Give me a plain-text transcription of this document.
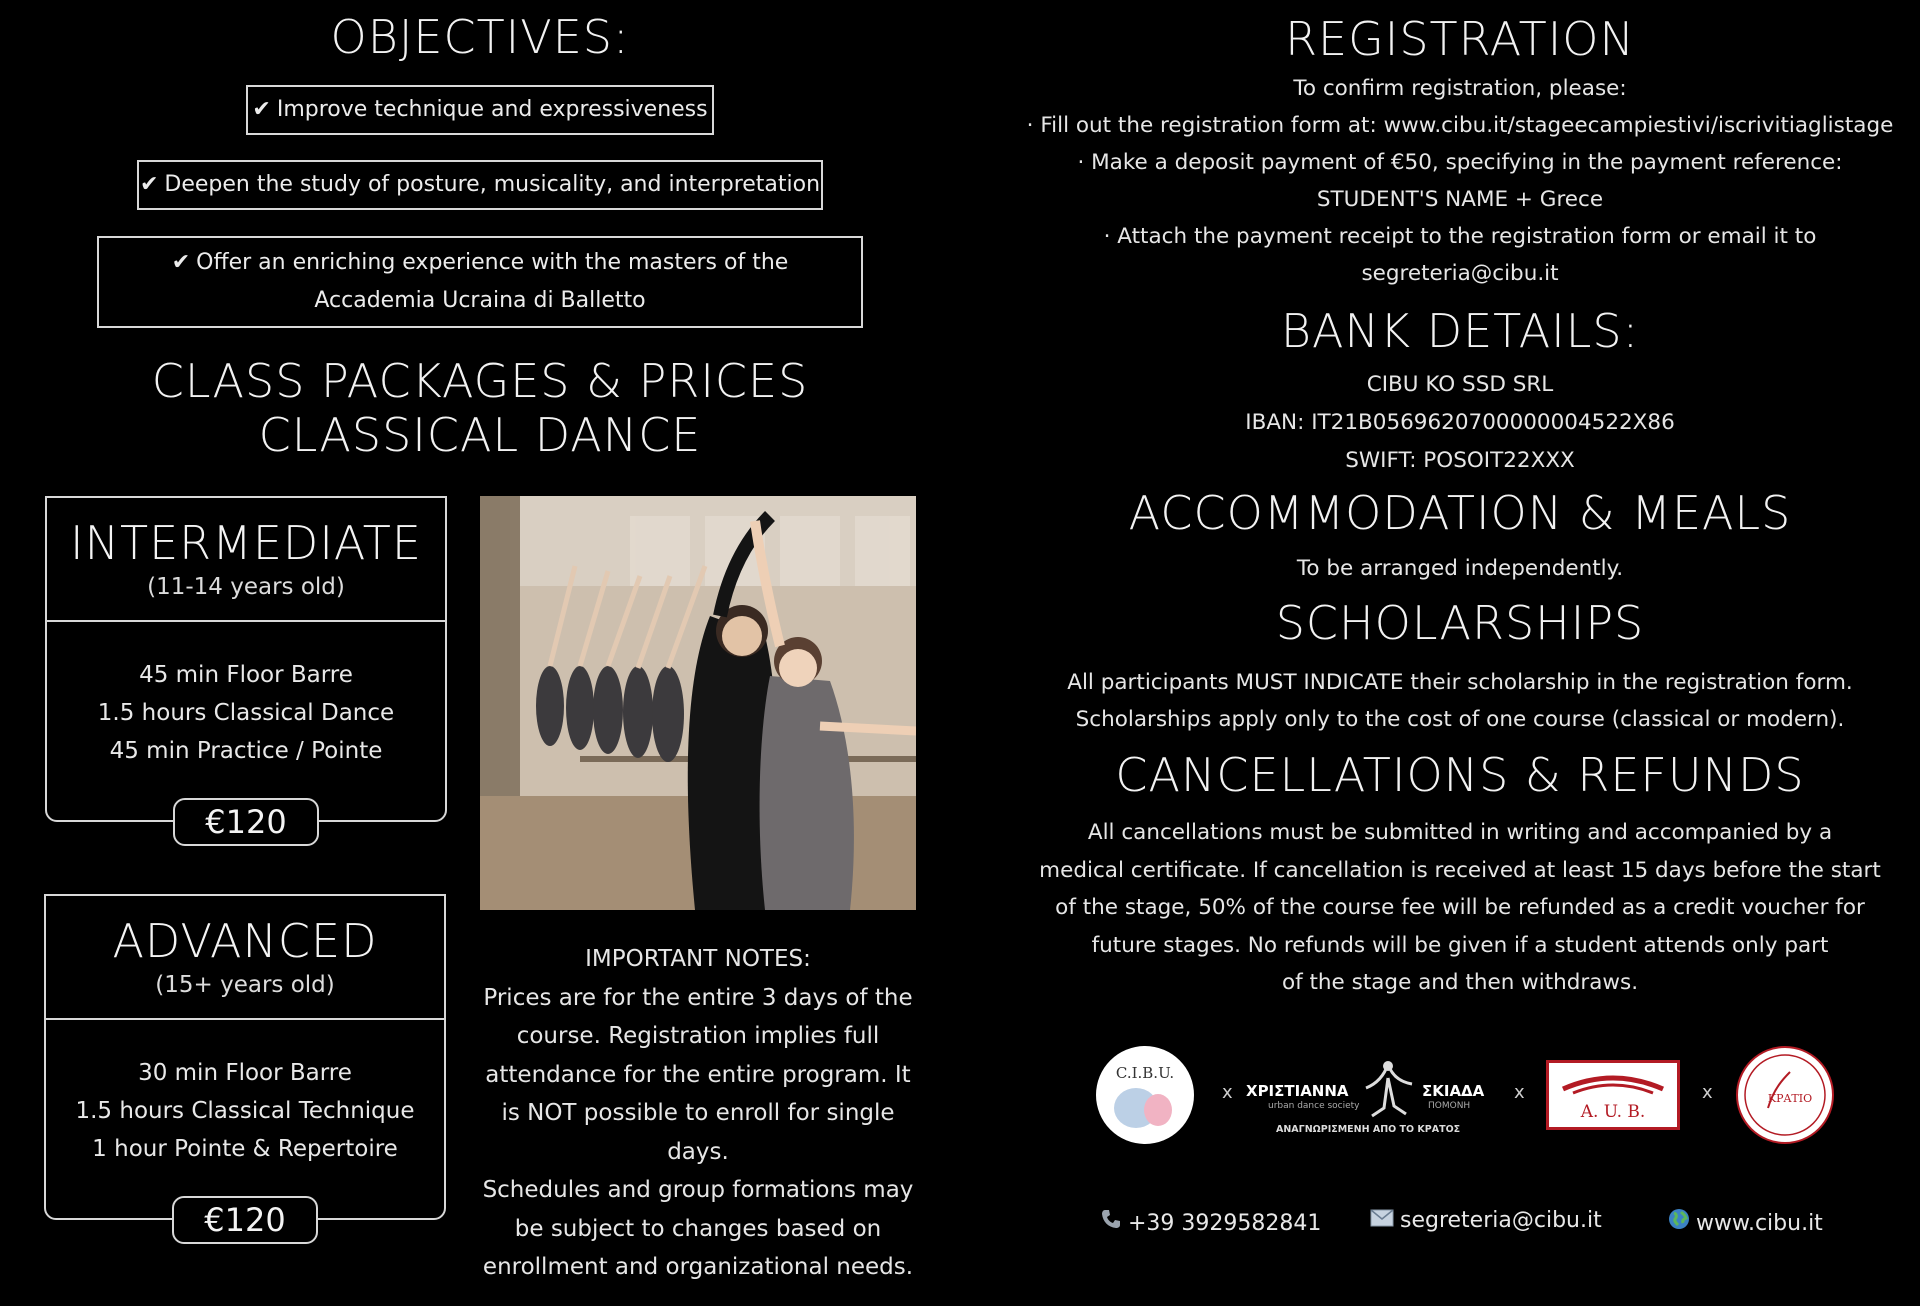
OBJECTIVES:
✔ Improve technique and expressiveness
✔ Deepen the study of posture, musicality, and interpretation
✔ Offer an enriching experience with the masters of the
Accademia Ucraina di Balletto
CLASS PACKAGES & PRICES
CLASSICAL DANCE
INTERMEDIATE
(11-14 years old)
45 min Floor Barre
1.5 hours Classical Dance
45 min Practice / Pointe
€120
ADVANCED
(15+ years old)
30 min Floor Barre
1.5 hours Classical Technique
1 hour Pointe & Repertoire
€120
IMPORTANT NOTES:
Prices are for the entire 3 days of the
course. Registration implies full
attendance for the entire program. It
is NOT possible to enroll for single days.
Schedules and group formations may
be subject to changes based on
enrollment and organizational needs.
REGISTRATION
To confirm registration, please:
· Fill out the registration form at: www.cibu.it/stageecampiestivi/iscrivitiaglistage
· Make a deposit payment of €50, specifying in the payment reference:
STUDENT'S NAME + Grece
· Attach the payment receipt to the registration form or email it to
segreteria@cibu.it
BANK DETAILS:
CIBU KO SSD SRL
IBAN: IT21B0569620700000004522X86
SWIFT: POSOIT22XXX
ACCOMMODATION & MEALS
To be arranged independently.
SCHOLARSHIPS
All participants MUST INDICATE their scholarship in the registration form.
Scholarships apply only to the cost of one course (classical or modern).
CANCELLATIONS & REFUNDS
All cancellations must be submitted in writing and accompanied by a
medical certificate. If cancellation is received at least 15 days before the start
of the stage, 50% of the course fee will be refunded as a credit voucher for
future stages. No refunds will be given if a student attends only part
of the stage and then withdraws.
C.I.B.U.
x ΧΡΙΣΤΙΑΝΝΑ
urban dance society
ΣΚΙΑΔΑ
ΠΟΜΟΝΗ
ΑΝΑΓΝΩΡΙΣΜΕΝΗ ΑΠΟ ΤΟ ΚΡΑΤΟΣ
x
A. U. B.
x	ΚΡΑΤΙΟ
+39 3929582841	segreteria@cibu.it	www.cibu.it
